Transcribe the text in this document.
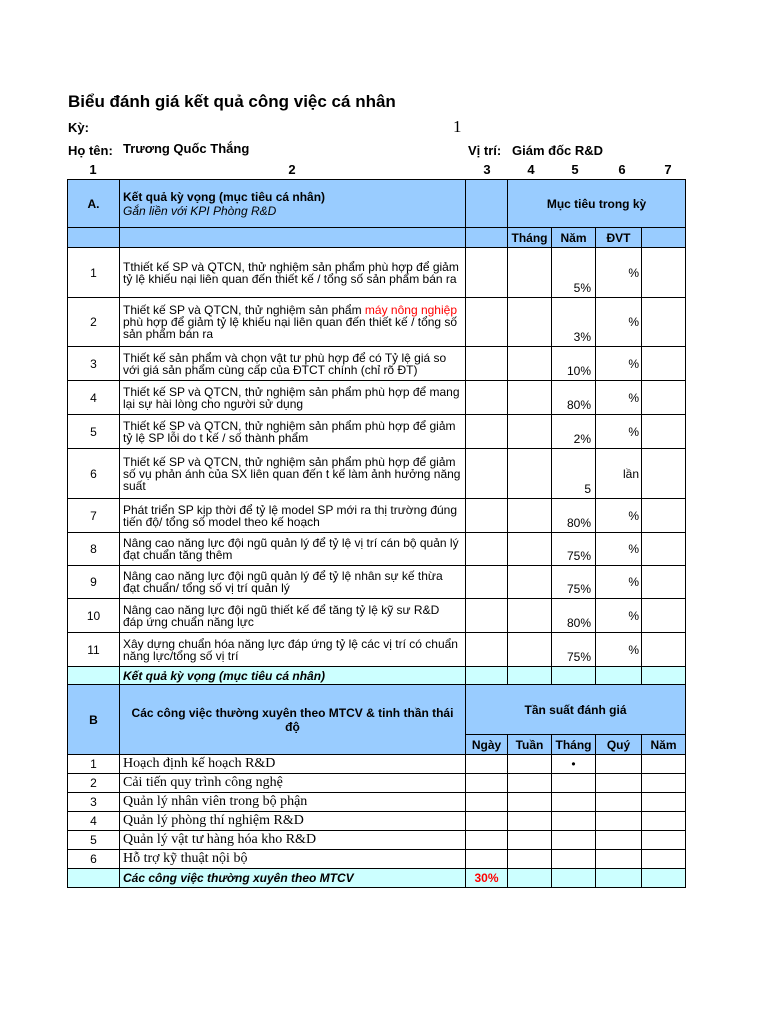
Biểu đánh giá kết quả công việc cá nhân
Kỳ:	1
Họ tên: Trương Quốc Thắng	Vị trí: Giám đốc R&D
1	2	3	4	5	6	7
A.	Kết quả kỳ vọng (mục tiêu cá nhân)
Gắn liền với KPI Phòng R&D		Mục tiêu trong kỳ			
			Tháng	Năm	ĐVT	
1	Tthiết kế SP và QTCN, thử nghiệm sản phẩm phù hợp để giảm tỷ lệ khiếu nại liên quan đến thiết kế / tổng số sản phẩm bán ra			5%	%	
2	Thiết kế SP và QTCN, thử nghiệm sản phẩm máy nông nghiệp phù hợp để giảm tỷ lệ khiếu nại liên quan đến thiết kế / tổng số sản phẩm bán ra			3%	%	
3	Thiết kế sản phẩm và chọn vật tư phù hợp để có Tỷ lệ giá so với giá sản phẩm cùng cấp của ĐTCT chính (chỉ rõ ĐT)			10%	%	
4	Thiết kế SP và QTCN, thử nghiệm sản phẩm phù hợp để mang lại sự hài lòng cho người sử dụng			80%	%	
5	Thiết kế SP và QTCN, thử nghiệm sản phẩm phù hợp để giảm tỷ lệ SP lỗi do t kế / số thành phẩm			2%	%	
6	Thiết kế SP và QTCN, thử nghiệm sản phẩm phù hợp để giảm số vụ phản ánh của SX liên quan đến t kế làm ảnh hưởng năng suất			5	lần	
7	Phát triển SP kịp thời để tỷ lệ model SP mới ra thị trường đúng tiến độ/ tổng số model theo kế hoạch			80%	%	
8	Nâng cao năng lực đội ngũ quản lý để tỷ lệ vị trí cán bộ quản lý đạt chuẩn tăng thêm			75%	%	
9	Nâng cao năng lực đội ngũ quản lý để tỷ lệ nhân sự kế thừa đạt chuẩn/ tổng số vị trí quản lý			75%	%	
10	Nâng cao năng lực đội ngũ thiết kế để tăng tỷ lệ kỹ sư R&D đáp ứng chuẩn năng lực			80%	%	
11	Xây dựng chuẩn hóa năng lực đáp ứng tỷ lệ các vị trí có chuẩn năng lực/tổng số vị trí			75%	%	
	Kết quả kỳ vọng (mục tiêu cá nhân)					
B	Các công việc thường xuyên theo MTCV & tinh thần thái độ	Tần suất đánh giá				
		Ngày	Tuần	Tháng	Quý	Năm
1	Hoạch định kế hoạch R&D			•		
2	Cải tiến quy trình công nghệ					
3	Quản lý nhân viên trong bộ phận					
4	Quản lý phòng thí nghiệm R&D					
5	Quản lý vật tư hàng hóa kho R&D					
6	Hỗ trợ kỹ thuật nội bộ					
	Các công việc thường xuyên theo MTCV	30%				
